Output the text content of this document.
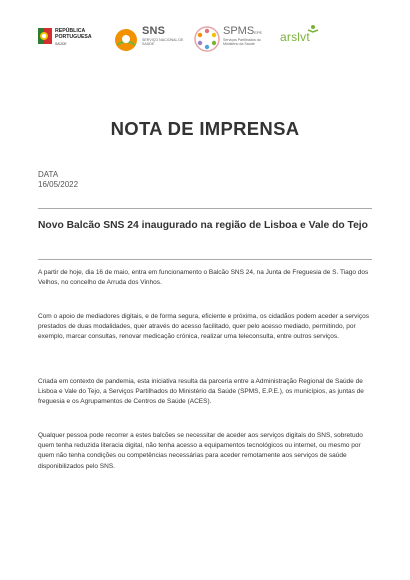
REPÚBLICA
PORTUGUESA
SAÚDE
SNS
SERVIÇO NACIONAL DE SAÚDE
SPMSEPE
Serviços Partilhados do Ministério da Saúde
arslvt
NOTA DE IMPRENSA
DATA
16/05/2022
Novo Balcão SNS 24 inaugurado na região de Lisboa e Vale do Tejo

A partir de hoje, dia 16 de maio, entra em funcionamento o Balcão SNS 24, na Junta de Freguesia de S. Tiago dos Velhos, no concelho de Arruda dos Vinhos.

Com o apoio de mediadores digitais, e de forma segura, eficiente e próxima, os cidadãos podem aceder a serviços prestados de duas modalidades, quer através do acesso facilitado, quer pelo acesso mediado, permitindo, por exemplo, marcar consultas, renovar medicação crónica, realizar uma teleconsulta, entre outros serviços.

Criada em contexto de pandemia, esta iniciativa resulta da parceria entre a Administração Regional de Saúde de Lisboa e Vale do Tejo, a Serviços Partilhados do Ministério da Saúde (SPMS, E.P.E.), os municípios, as juntas de freguesia e os Agrupamentos de Centros de Saúde (ACES).

Qualquer pessoa pode recorrer a estes balcões se necessitar de aceder aos serviços digitais do SNS, sobretudo quem tenha reduzida literacia digital, não tenha acesso a equipamentos tecnológicos ou internet, ou mesmo por quem não tenha condições ou competências necessárias para aceder remotamente aos serviços de saúde disponibilizados pelo SNS.
